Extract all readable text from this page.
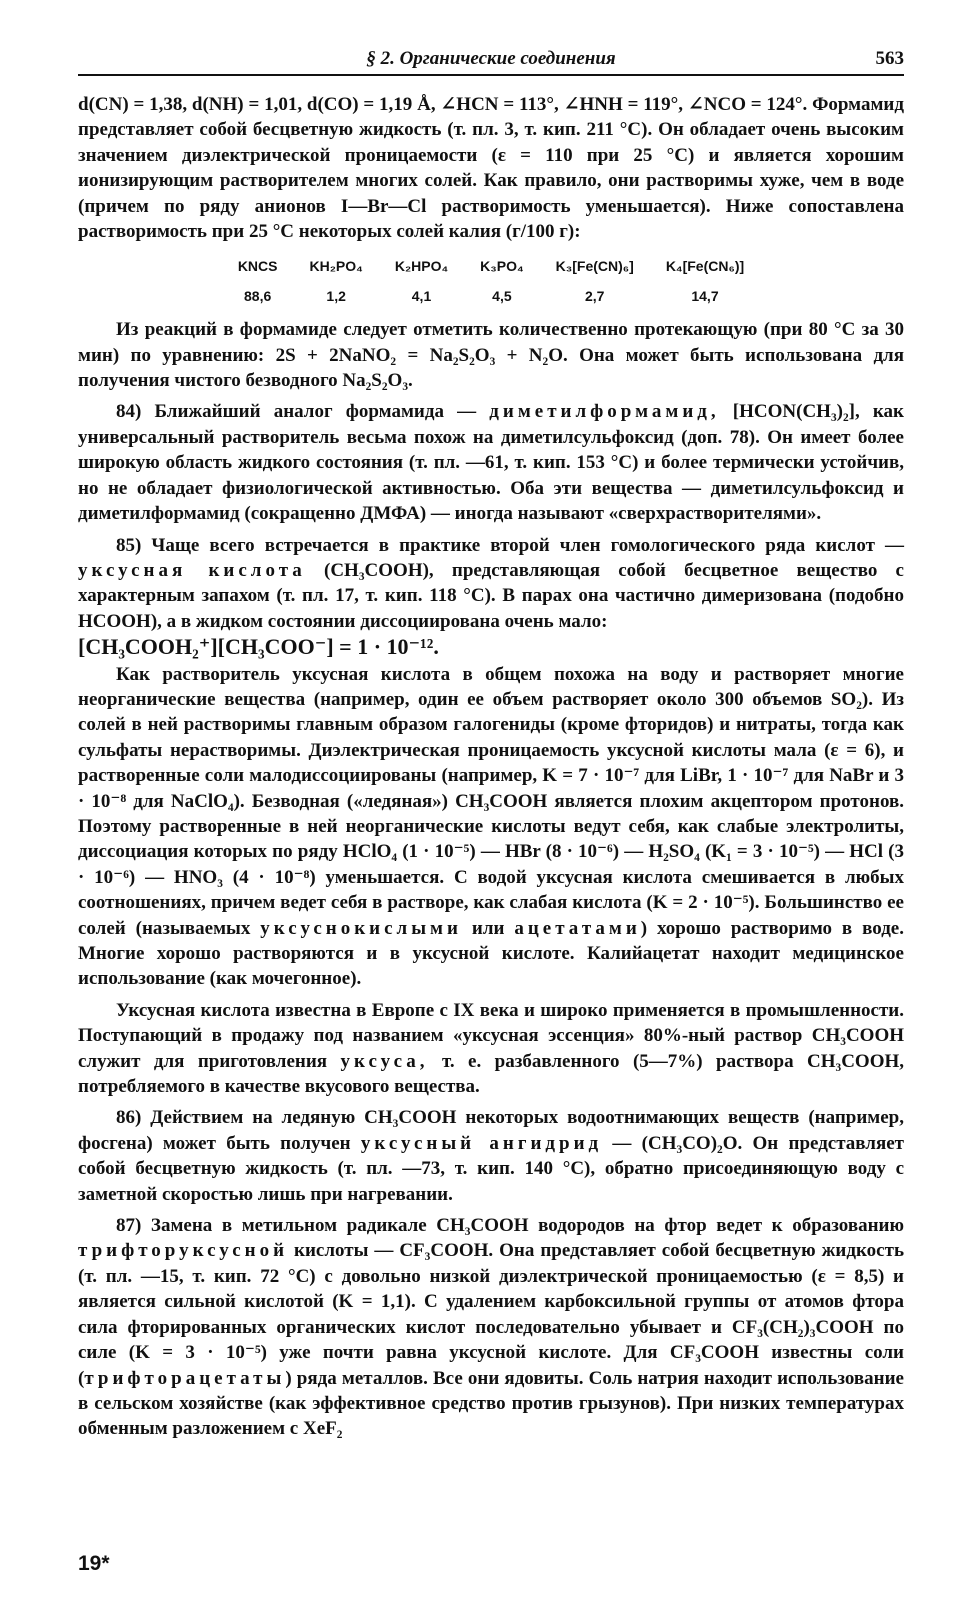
§ 2. Органические соединения	563

d(CN) = 1,38, d(NH) = 1,01, d(CO) = 1,19 Å, ∠HCN = 113°, ∠HNH = 119°, ∠NCO = 124°. Формамид представляет собой бесцветную жидкость (т. пл. 3, т. кип. 211 °C). Он обладает очень высоким значением диэлектрической проницаемости (ε = 110 при 25 °C) и является хорошим ионизирующим растворителем многих солей. Как правило, они растворимы хуже, чем в воде (причем по ряду анионов I—Br—Cl растворимость уменьшается). Ниже сопоставлена растворимость при 25 °C некоторых солей калия (г/100 г):

KNCS	KH₂PO₄	K₂HPO₄	K₃PO₄	K₃[Fe(CN)₆]	K₄[Fe(CN₆)]
88,6	1,2	4,1	4,5	2,7	14,7

Из реакций в формамиде следует отметить количественно протекающую (при 80 °C за 30 мин) по уравнению: 2S + 2NaNO₂ = Na₂S₂O₃ + N₂O. Она может быть использована для получения чистого безводного Na₂S₂O₃.

84) Ближайший аналог формамида — диметилформамид, [HCON(CH₃)₂], как универсальный растворитель весьма похож на диметилсульфоксид (доп. 78). Он имеет более широкую область жидкого состояния (т. пл. —61, т. кип. 153 °C) и более термически устойчив, но не обладает физиологической активностью. Оба эти вещества — диметилсульфоксид и диметилформамид (сокращенно ДМФА) — иногда называют «сверхрастворителями».

85) Чаще всего встречается в практике второй член гомологического ряда кислот — уксусная кислота (CH₃COOH), представляющая собой бесцветное вещество с характерным запахом (т. пл. 17, т. кип. 118 °C). В парах она частично димеризована (подобно HCOOH), а в жидком состоянии диссоциирована очень мало:
[CH₃COOH₂⁺][CH₃COO⁻] = 1 · 10⁻¹².

Как растворитель уксусная кислота в общем похожа на воду и растворяет многие неорганические вещества (например, один ее объем растворяет около 300 объемов SO₂). Из солей в ней растворимы главным образом галогениды (кроме фторидов) и нитраты, тогда как сульфаты нерастворимы. Диэлектрическая проницаемость уксусной кислоты мала (ε = 6), и растворенные соли малодиссоциированы (например, K = 7 · 10⁻⁷ для LiBr, 1 · 10⁻⁷ для NaBr и 3 · 10⁻⁸ для NaClO₄). Безводная («ледяная») CH₃COOH является плохим акцептором протонов. Поэтому растворенные в ней неорганические кислоты ведут себя, как слабые электролиты, диссоциация которых по ряду HClO₄ (1 · 10⁻⁵) — HBr (8 · 10⁻⁶) — H₂SO₄ (K₁ = 3 · 10⁻⁵) — HCl (3 · 10⁻⁶) — HNO₃ (4 · 10⁻⁸) уменьшается. С водой уксусная кислота смешивается в любых соотношениях, причем ведет себя в растворе, как слабая кислота (K = 2 · 10⁻⁵). Большинство ее солей (называемых уксуснокислыми или ацетатами) хорошо растворимо в воде. Многие хорошо растворяются и в уксусной кислоте. Калийацетат находит медицинское использование (как мочегонное).

Уксусная кислота известна в Европе с IX века и широко применяется в промышленности. Поступающий в продажу под названием «уксусная эссенция» 80%-ный раствор CH₃COOH служит для приготовления уксуса, т. е. разбавленного (5—7%) раствора CH₃COOH, потребляемого в качестве вкусового вещества.

86) Действием на ледяную CH₃COOH некоторых водоотнимающих веществ (например, фосгена) может быть получен уксусный ангидрид — (CH₃CO)₂O. Он представляет собой бесцветную жидкость (т. пл. —73, т. кип. 140 °C), обратно присоединяющую воду с заметной скоростью лишь при нагревании.

87) Замена в метильном радикале CH₃COOH водородов на фтор ведет к образованию трифторуксусной кислоты — CF₃COOH. Она представляет собой бесцветную жидкость (т. пл. —15, т. кип. 72 °C) с довольно низкой диэлектрической проницаемостью (ε = 8,5) и является сильной кислотой (K = 1,1). С удалением карбоксильной группы от атомов фтора сила фторированных органических кислот последовательно убывает и CF₃(CH₂)₃COOH по силе (K = 3 · 10⁻⁵) уже почти равна уксусной кислоте. Для CF₃COOH известны соли (трифторацетаты) ряда металлов. Все они ядовиты. Соль натрия находит использование в сельском хозяйстве (как эффективное средство против грызунов). При низких температурах обменным разложением с XeF₂

19*
